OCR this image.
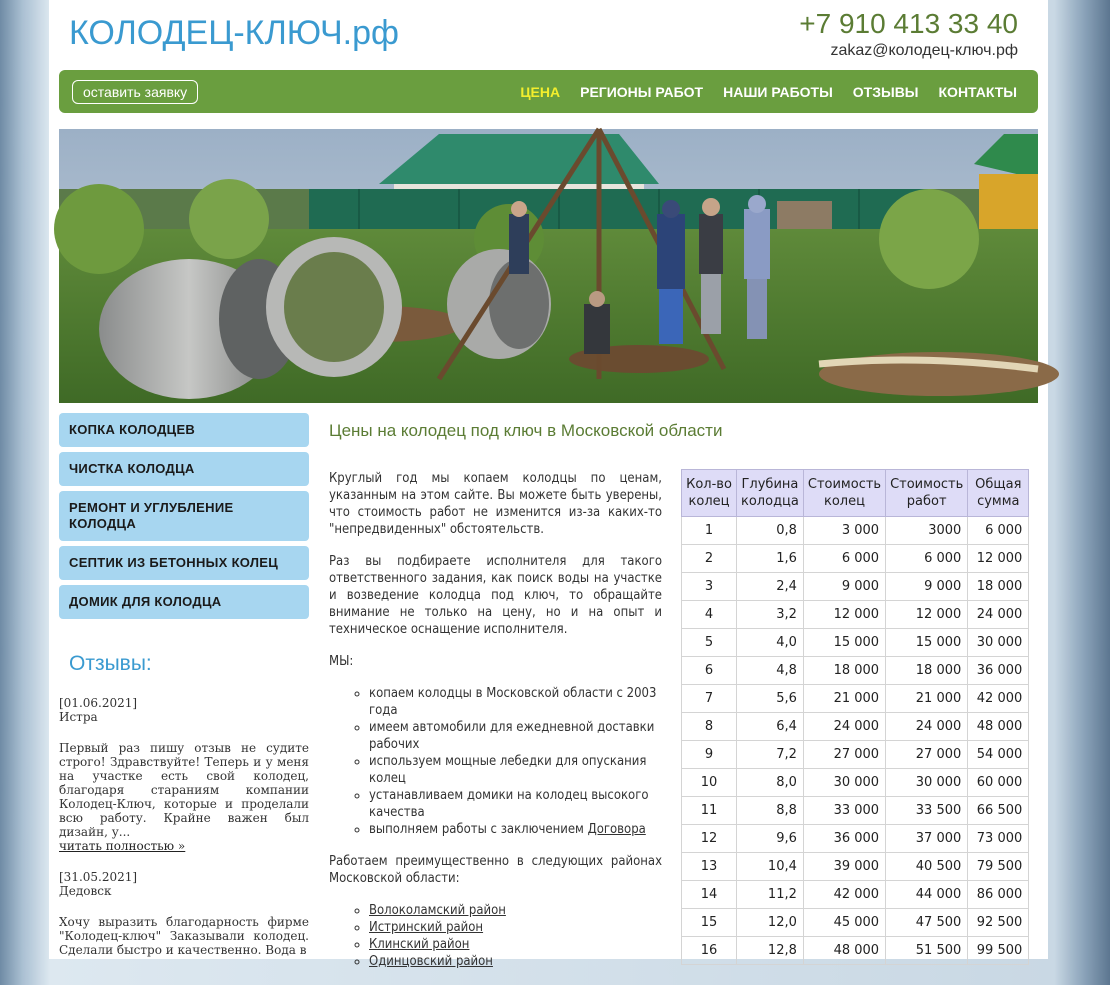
КОЛОДЕЦ-КЛЮЧ.рф	+7 910 413 33 40
zakaz@колодец-ключ.рф
оставить заявку	ЦЕНА РЕГИОНЫ РАБОТ НАШИ РАБОТЫ ОТЗЫВЫ КОНТАКТЫ
КОПКА КОЛОДЦЕВ
ЧИСТКА КОЛОДЦА
РЕМОНТ И УГЛУБЛЕНИЕ КОЛОДЦА
СЕПТИК ИЗ БЕТОННЫХ КОЛЕЦ
ДОМИК ДЛЯ КОЛОДЦА
Отзывы:
[01.06.2021]
Истра
Первый раз пишу отзыв не судите строго! Здравствуйте! Теперь и у меня на участке есть свой колодец, благодаря стараниям компании Колодец-Ключ, которые и проделали всю работу. Крайне важен был дизайн, у...
читать полностью »
[31.05.2021]
Дедовск
Хочу выразить благодарность фирме "Колодец-ключ" Заказывали колодец. Сделали быстро и качественно. Вода в
Цены на колодец под ключ в Московской области

Круглый год мы копаем колодцы по ценам, указанным на этом сайте. Вы можете быть уверены, что стоимость работ не изменится из-за каких-то "непредвиденных" обстоятельств.

Раз вы подбираете исполнителя для такого ответственного задания, как поиск воды на участке и возведение колодца под ключ, то обращайте внимание не только на цену, но и на опыт и техническое оснащение исполнителя.

МЫ:

◦ копаем колодцы в Московской области с 2003 года
◦ имеем автомобили для ежедневной доставки рабочих
◦ используем мощные лебедки для опускания колец
◦ устанавливаем домики на колодец высокого качества
◦ выполняем работы с заключением Договора

Работаем преимущественно в следующих районах Московской области:

◦ Волоколамский район
◦ Истринский район
◦ Клинский район
◦ Одинцовский район
Кол-во колец	Глубина колодца	Стоимость колец	Стоимость работ	Общая сумма
1	0,8	3 000	3000	6 000
2	1,6	6 000	6 000	12 000
3	2,4	9 000	9 000	18 000
4	3,2	12 000	12 000	24 000
5	4,0	15 000	15 000	30 000
6	4,8	18 000	18 000	36 000
7	5,6	21 000	21 000	42 000
8	6,4	24 000	24 000	48 000
9	7,2	27 000	27 000	54 000
10	8,0	30 000	30 000	60 000
11	8,8	33 000	33 500	66 500
12	9,6	36 000	37 000	73 000
13	10,4	39 000	40 500	79 500
14	11,2	42 000	44 000	86 000
15	12,0	45 000	47 500	92 500
16	12,8	48 000	51 500	99 500
